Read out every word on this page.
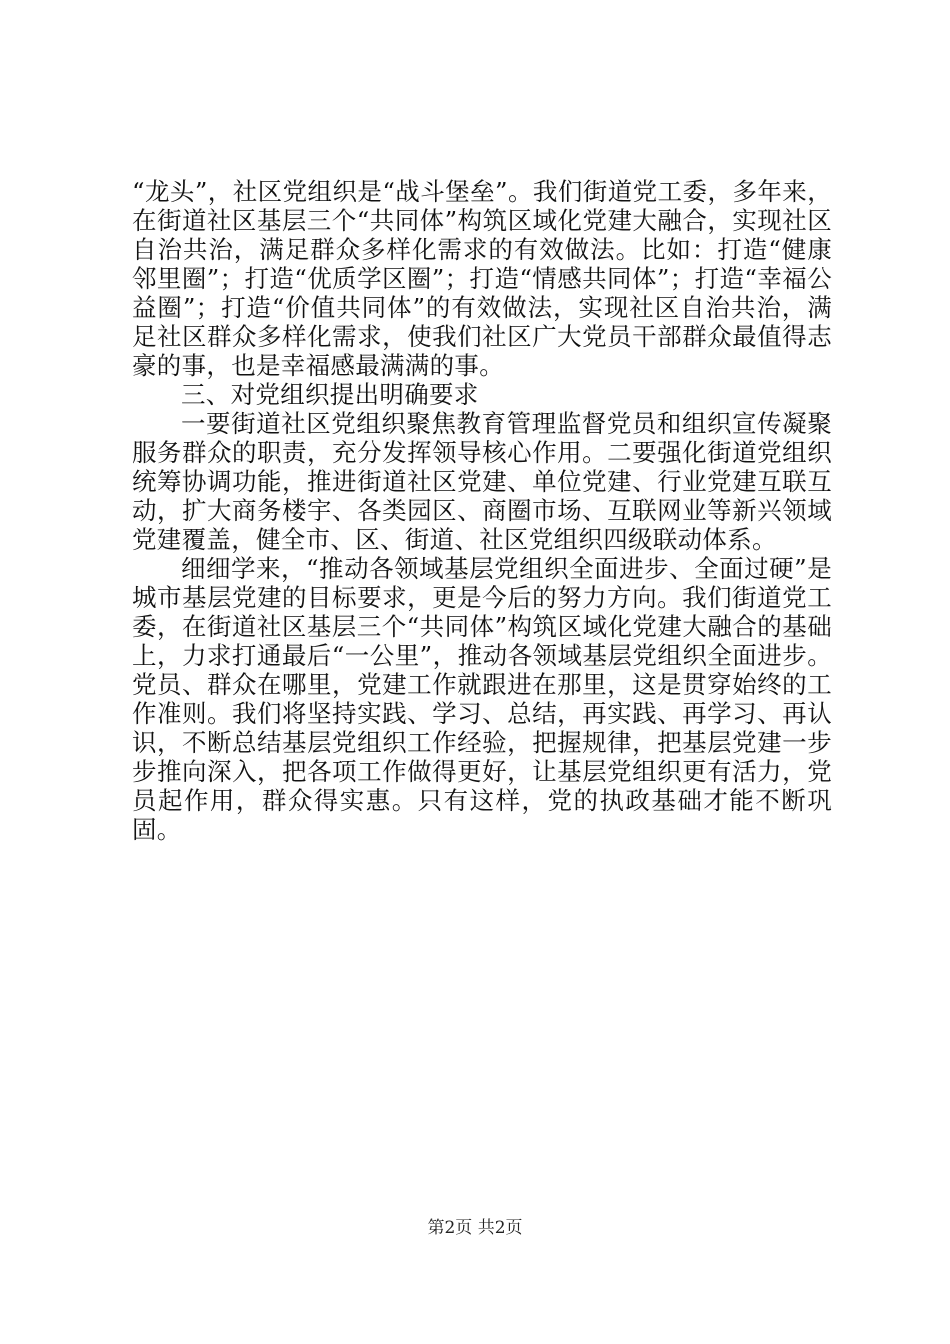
“龙头”，社区党组织是“战斗堡垒”。我们街道党工委，多年来，在街道社区基层三个“共同体”构筑区域化党建大融合，实现社区自治共治，满足群众多样化需求的有效做法。比如：打造“健康邻里圈”；打造“优质学区圈”；打造“情感共同体”；打造“幸福公益圈”；打造“价值共同体”的有效做法，实现社区自治共治，满足社区群众多样化需求，使我们社区广大党员干部群众最值得志豪的事，也是幸福感最满满的事。

三、对党组织提出明确要求

一要街道社区党组织聚焦教育管理监督党员和组织宣传凝聚服务群众的职责，充分发挥领导核心作用。二要强化街道党组织统筹协调功能，推进街道社区党建、单位党建、行业党建互联互动，扩大商务楼宇、各类园区、商圈市场、互联网业等新兴领域党建覆盖，健全市、区、街道、社区党组织四级联动体系。

细细学来，“推动各领域基层党组织全面进步、全面过硬”是城市基层党建的目标要求，更是今后的努力方向。我们街道党工委，在街道社区基层三个“共同体”构筑区域化党建大融合的基础上，力求打通最后“一公里”，推动各领域基层党组织全面进步。党员、群众在哪里，党建工作就跟进在那里，这是贯穿始终的工作准则。我们将坚持实践、学习、总结，再实践、再学习、再认识，不断总结基层党组织工作经验，把握规律，把基层党建一步步推向深入，把各项工作做得更好，让基层党组织更有活力，党员起作用，群众得实惠。只有这样，党的执政基础才能不断巩固。

第2页 共2页
